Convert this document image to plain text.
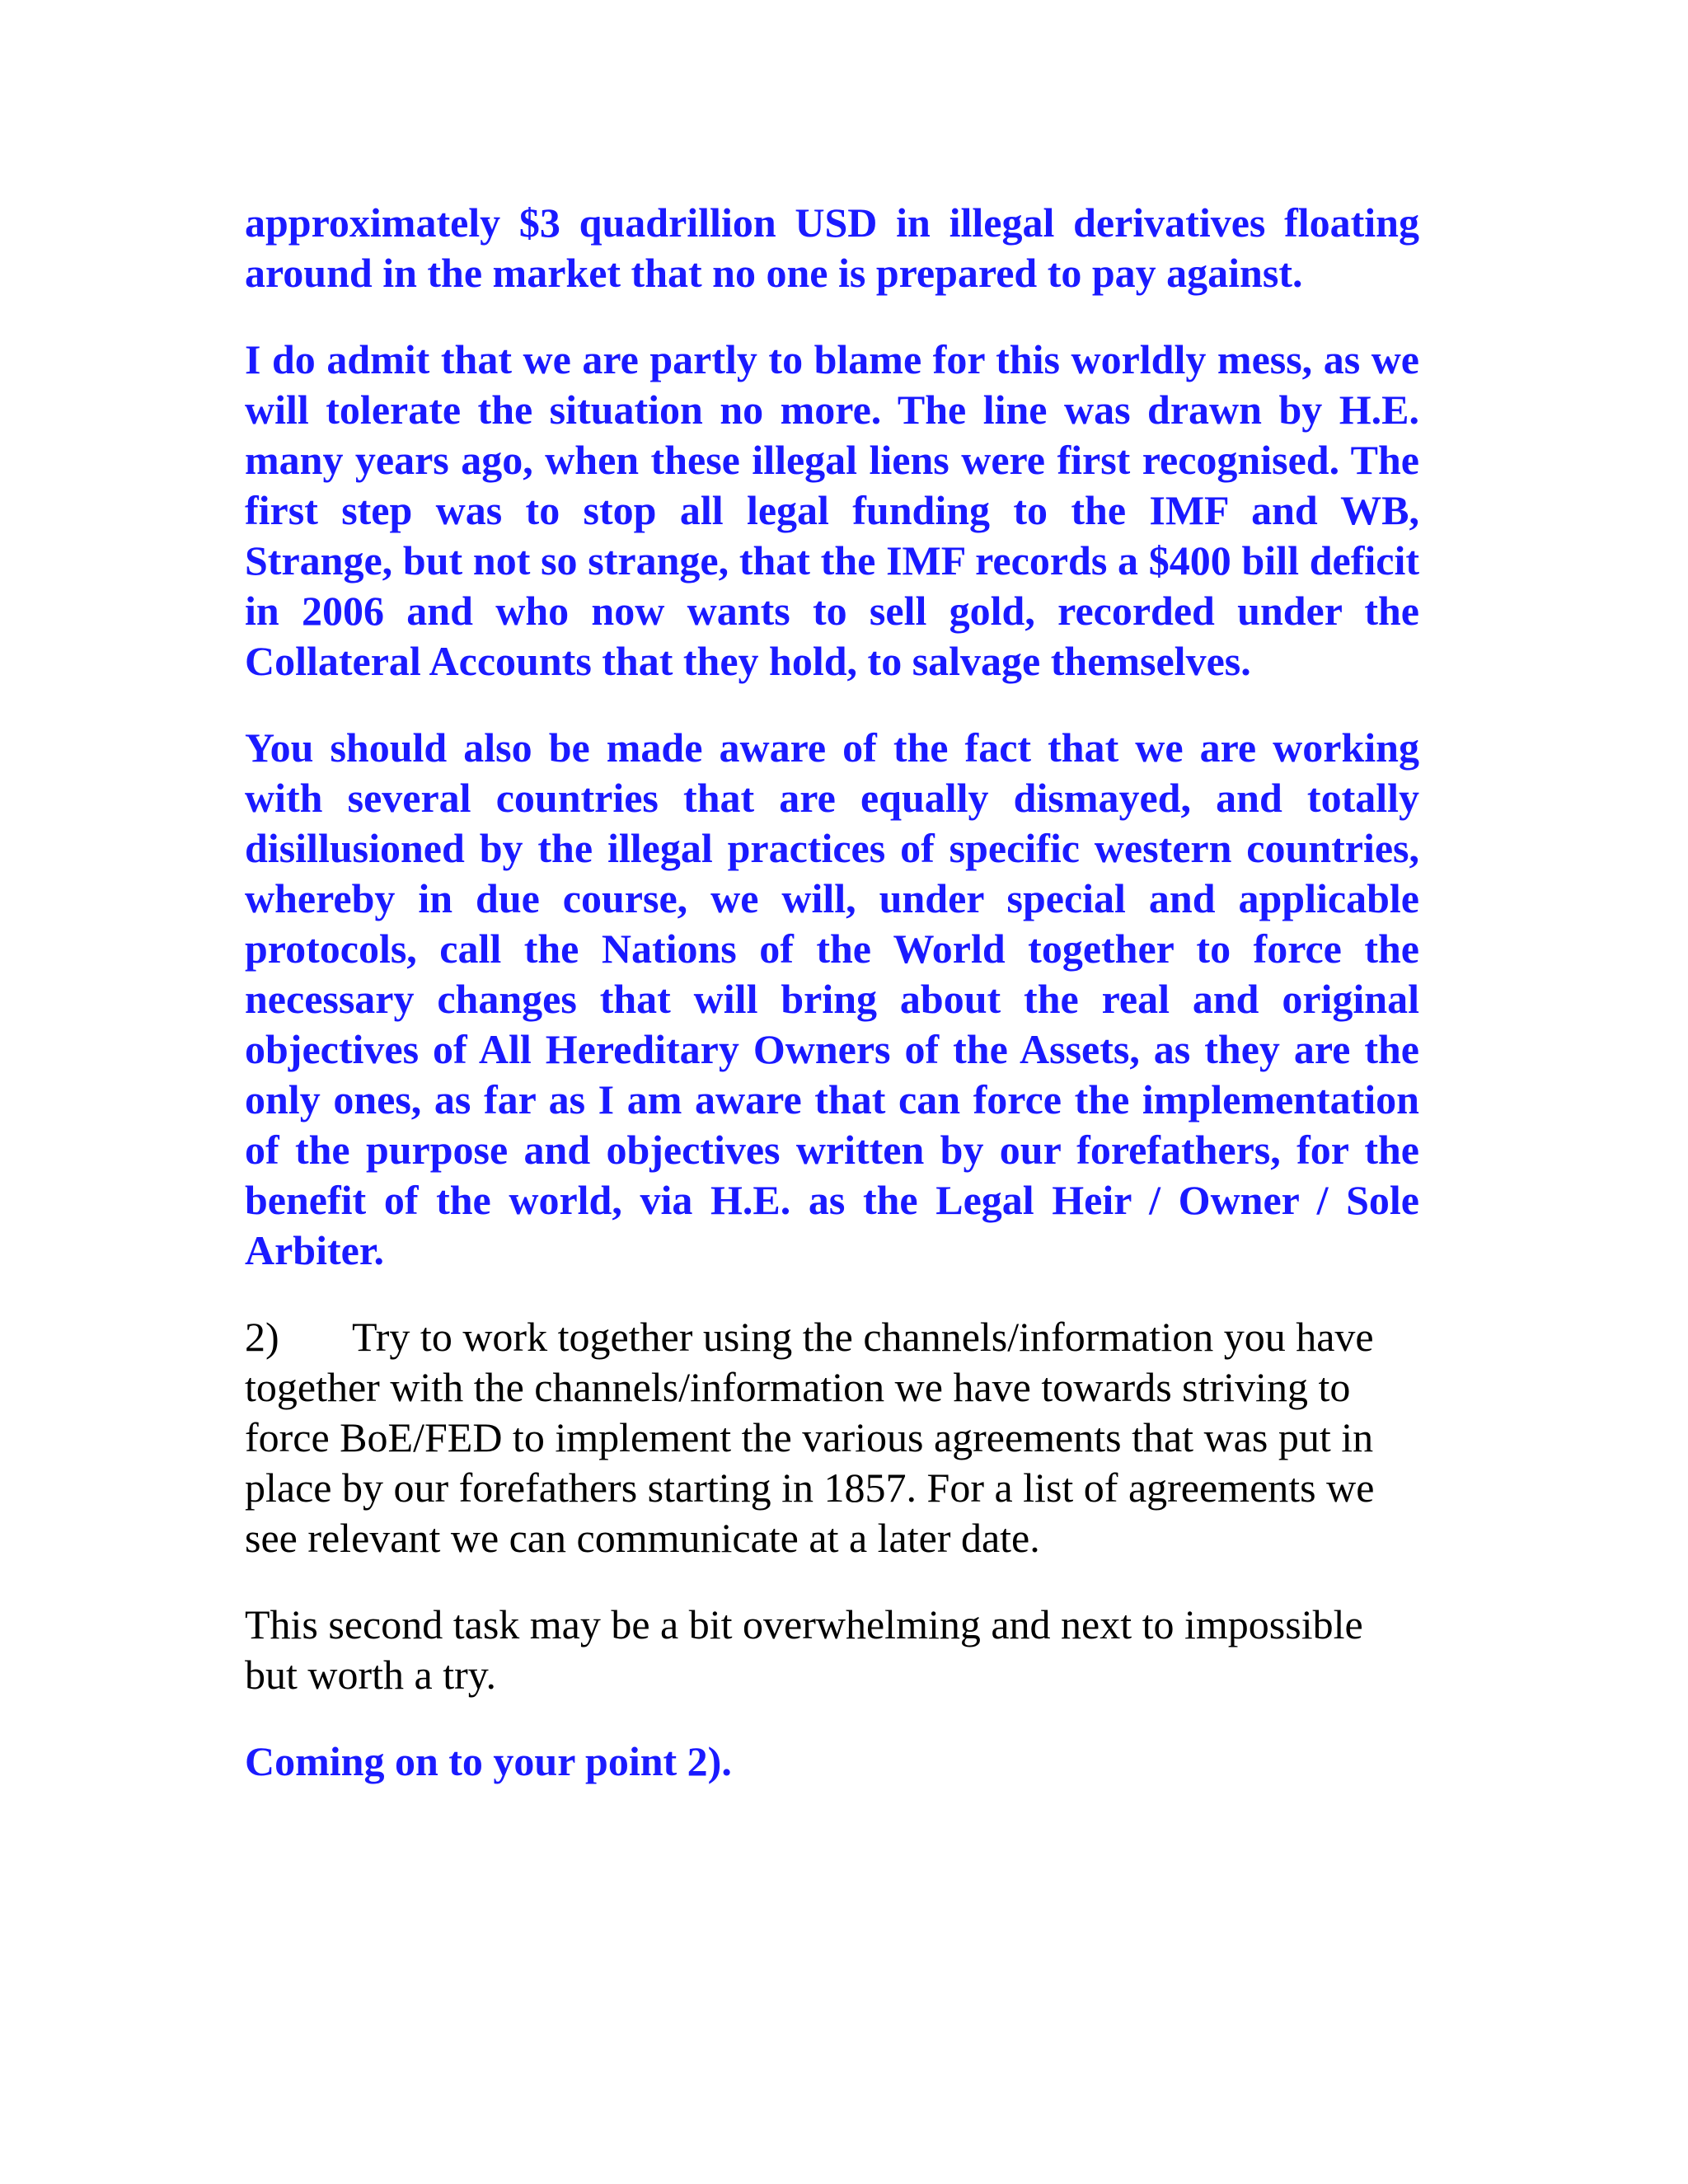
approximately $3 quadrillion USD in illegal derivatives floating around in the market that no one is prepared to pay against.

I do admit that we are partly to blame for this worldly mess, as we will tolerate the situation no more. The line was drawn by H.E. many years ago, when these illegal liens were first recognised. The first step was to stop all legal funding to the IMF and WB, Strange, but not so strange, that the IMF records a $400 bill deficit in 2006 and who now wants to sell gold, recorded under the Collateral Accounts that they hold, to salvage themselves.

You should also be made aware of the fact that we are working with several countries that are equally dismayed, and totally disillusioned by the illegal practices of specific western countries, whereby in due course, we will, under special and applicable protocols, call the Nations of the World together to force the necessary changes that will bring about the real and original objectives of All Hereditary Owners of the Assets, as they are the only ones, as far as I am aware that can force the implementation of the purpose and objectives written by our forefathers, for the benefit of the world, via H.E. as the Legal Heir / Owner / Sole Arbiter.

2) Try to work together using the channels/information you have together with the channels/information we have towards striving to force BoE/FED to implement the various agreements that was put in place by our forefathers starting in 1857. For a list of agreements we see relevant we can communicate at a later date.

This second task may be a bit overwhelming and next to impossible but worth a try.

Coming on to your point 2).
